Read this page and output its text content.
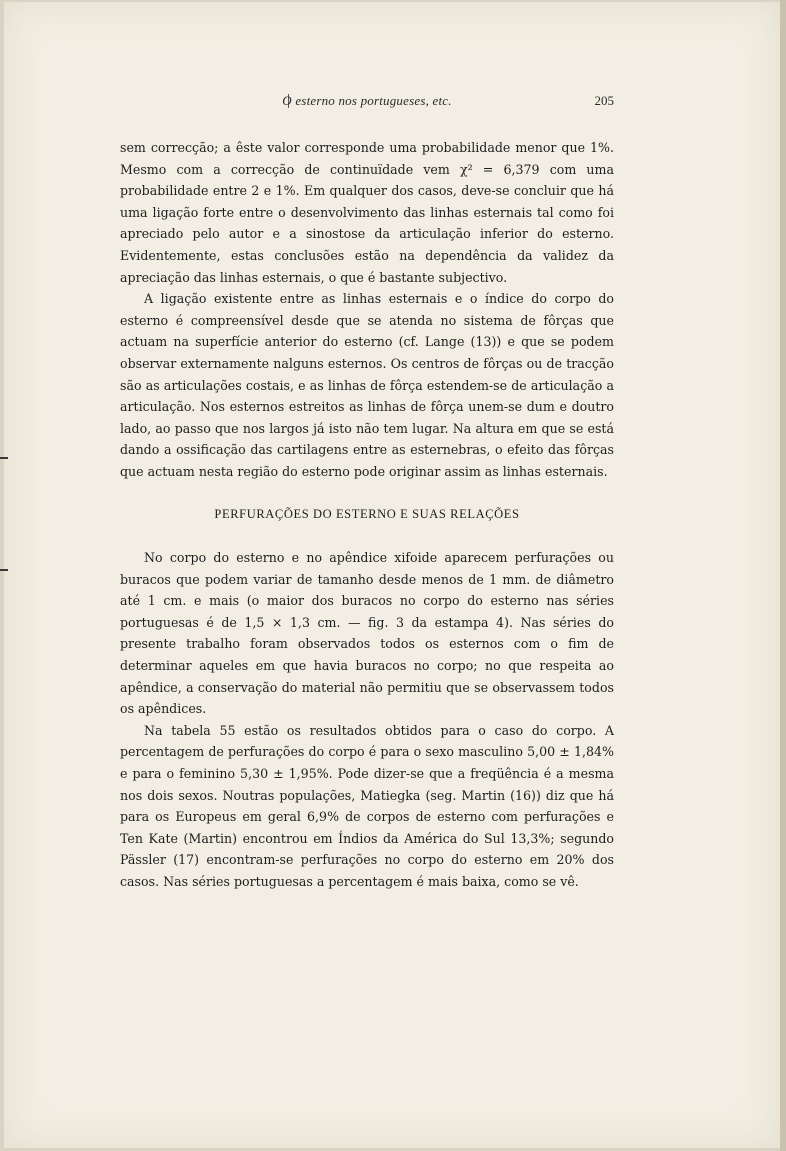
O esterno nos portugueses, etc.	205

sem correcção; a êste valor corresponde uma probabilidade menor que 1%. Mesmo com a correcção de continuïdade vem χ² = 6,379 com uma probabilidade entre 2 e 1%. Em qualquer dos casos, deve-se concluir que há uma ligação forte entre o desenvolvimento das linhas esternais tal como foi apreciado pelo autor e a sinostose da articulação inferior do esterno. Evidentemente, estas conclusões estão na dependência da validez da apreciação das linhas esternais, o que é bastante subjectivo.

A ligação existente entre as linhas esternais e o índice do corpo do esterno é compreensível desde que se atenda no sistema de fôrças que actuam na superfície anterior do esterno (cf. Lange (13)) e que se podem observar externamente nalguns esternos. Os centros de fôrças ou de tracção são as articulações costais, e as linhas de fôrça estendem-se de articulação a articulação. Nos esternos estreitos as linhas de fôrça unem-se dum e doutro lado, ao passo que nos largos já isto não tem lugar. Na altura em que se está dando a ossificação das cartilagens entre as esternebras, o efeito das fôrças que actuam nesta região do esterno pode originar assim as linhas esternais.

PERFURAÇÕES DO ESTERNO E SUAS RELAÇÕES

No corpo do esterno e no apêndice xifoide aparecem perfurações ou buracos que podem variar de tamanho desde menos de 1 mm. de diâmetro até 1 cm. e mais (o maior dos buracos no corpo do esterno nas séries portuguesas é de 1,5 × 1,3 cm. — fig. 3 da estampa 4). Nas séries do presente trabalho foram observados todos os esternos com o fim de determinar aqueles em que havia buracos no corpo; no que respeita ao apêndice, a conservação do material não permitiu que se observassem todos os apêndices.

Na tabela 55 estão os resultados obtidos para o caso do corpo. A percentagem de perfurações do corpo é para o sexo masculino 5,00 ± 1,84% e para o feminino 5,30 ± 1,95%. Pode dizer-se que a freqüência é a mesma nos dois sexos. Noutras populações, Matiegka (seg. Martin (16)) diz que há para os Europeus em geral 6,9% de corpos de esterno com perfurações e Ten Kate (Martin) encontrou em Índios da América do Sul 13,3%; segundo Pässler (17) encontram-se perfurações no corpo do esterno em 20% dos casos. Nas séries portuguesas a percentagem é mais baixa, como se vê.
